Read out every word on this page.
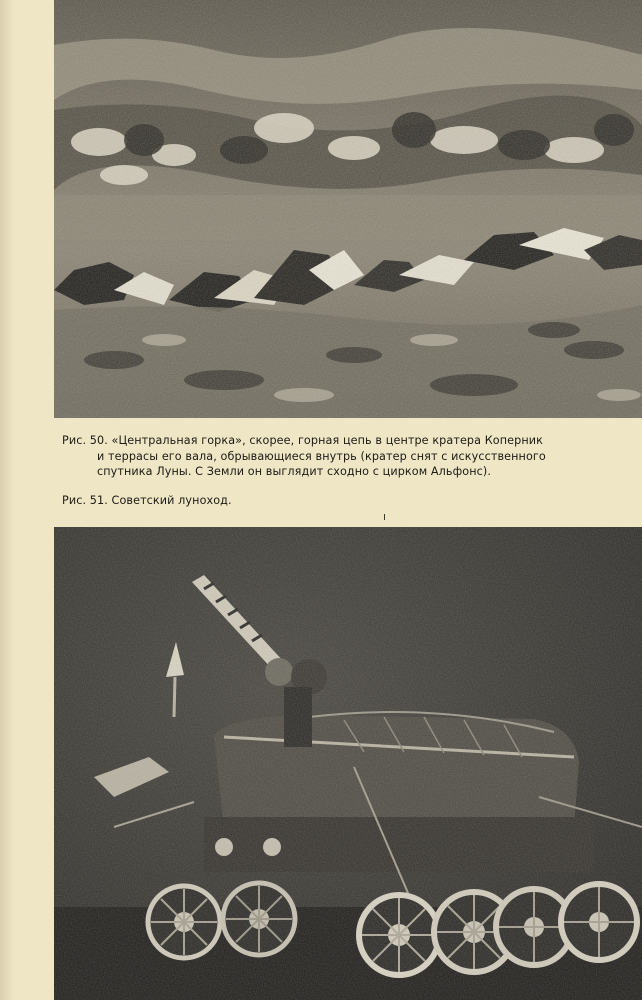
Рис. 50. «Центральная горка», скорее, горная цепь в центре кратера Коперник
и террасы его вала, обрывающиеся внутрь (кратер снят с искусственного
спутника Луны. С Земли он выглядит сходно с цирком Альфонс).
Рис. 51. Советский луноход.
